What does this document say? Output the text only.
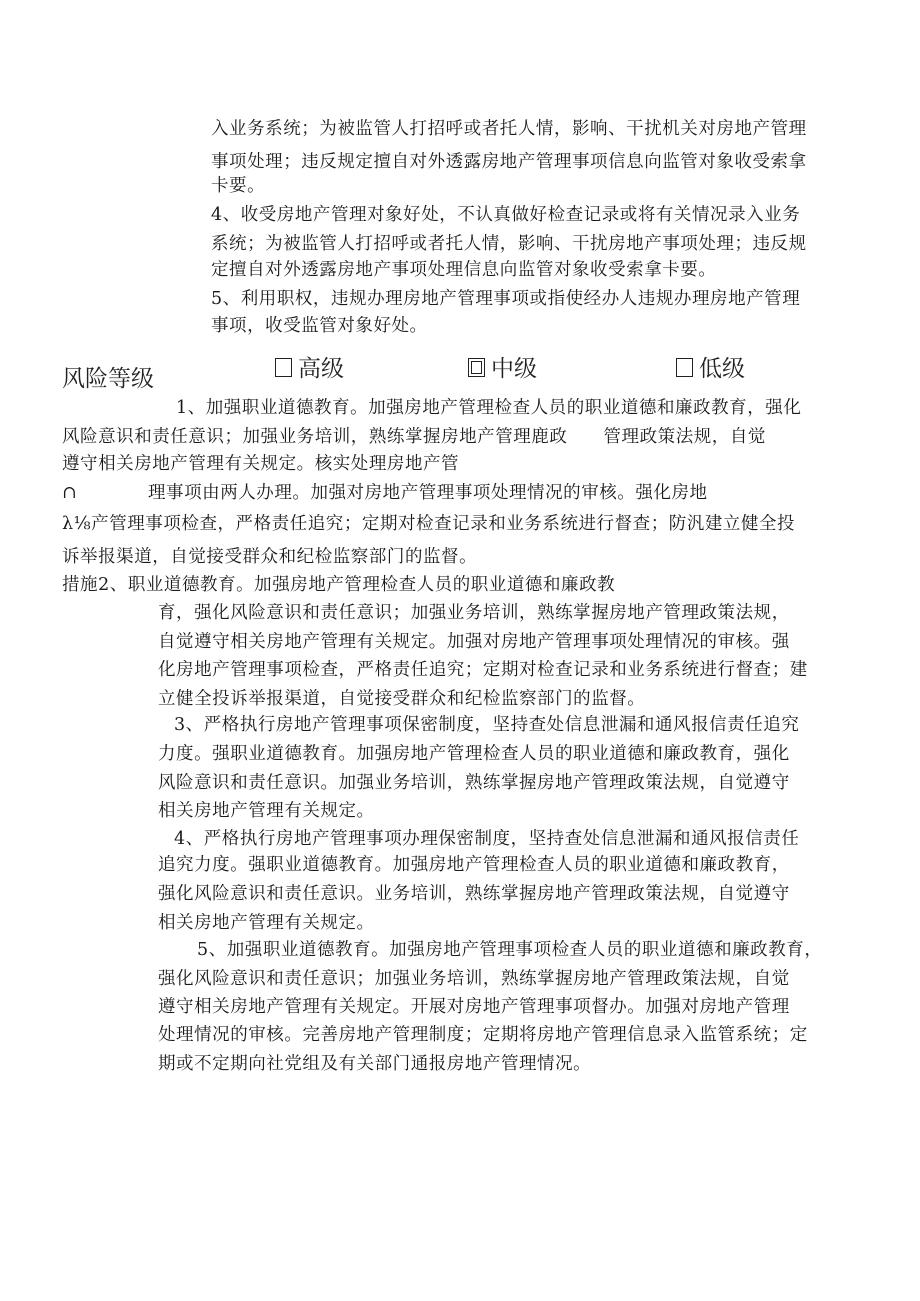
入业务系统；为被监管人打招呼或者托人情，影响、干扰机关对房地产管理

事项处理；违反规定擅自对外透露房地产管理事项信息向监管对象收受索拿

卡要。

4、收受房地产管理对象好处，不认真做好检查记录或将有关情况录入业务

系统；为被监管人打招呼或者托人情，影响、干扰房地产事项处理；违反规

定擅自对外透露房地产事项处理信息向监管对象收受索拿卡要。

5、利用职权，违规办理房地产管理事项或指使经办人违规办理房地产管理

事项，收受监管对象好处。

风险等级	高级	中级	低级

1、加强职业道德教育。加强房地产管理检查人员的职业道德和廉政教育，强化

风险意识和责任意识；加强业务培训，熟练掌握房地产管理鹿政　　管理政策法规，自觉

遵守相关房地产管理有关规定。核实处理房地产管

∩	理事项由两人办理。加强对房地产管理事项处理情况的审核。强化房地

λ⅛产管理事项检查，严格责任追究；定期对检查记录和业务系统进行督查；防汎建立健全投

诉举报渠道，自觉接受群众和纪检监察部门的监督。

措施2、职业道德教育。加强房地产管理检查人员的职业道德和廉政教

育，强化风险意识和责任意识；加强业务培训，熟练掌握房地产管理政策法规，

自觉遵守相关房地产管理有关规定。加强对房地产管理事项处理情况的审核。强

化房地产管理事项检查，严格责任追究；定期对检查记录和业务系统进行督查；建

立健全投诉举报渠道，自觉接受群众和纪检监察部门的监督。

3、严格执行房地产管理事项保密制度，坚持查处信息泄漏和通风报信责任追究

力度。强职业道德教育。加强房地产管理检查人员的职业道德和廉政教育，强化

风险意识和责任意识。加强业务培训，熟练掌握房地产管理政策法规，自觉遵守

相关房地产管理有关规定。

4、严格执行房地产管理事项办理保密制度，坚持查处信息泄漏和通风报信责任

追究力度。强职业道德教育。加强房地产管理检查人员的职业道德和廉政教育，

强化风险意识和责任意识。业务培训，熟练掌握房地产管理政策法规，自觉遵守

相关房地产管理有关规定。

5、加强职业道德教育。加强房地产管理事项检查人员的职业道德和廉政教育，

强化风险意识和责任意识；加强业务培训，熟练掌握房地产管理政策法规，自觉

遵守相关房地产管理有关规定。开展对房地产管理事项督办。加强对房地产管理

处理情况的审核。完善房地产管理制度；定期将房地产管理信息录入监管系统；定

期或不定期向社党组及有关部门通报房地产管理情况。
